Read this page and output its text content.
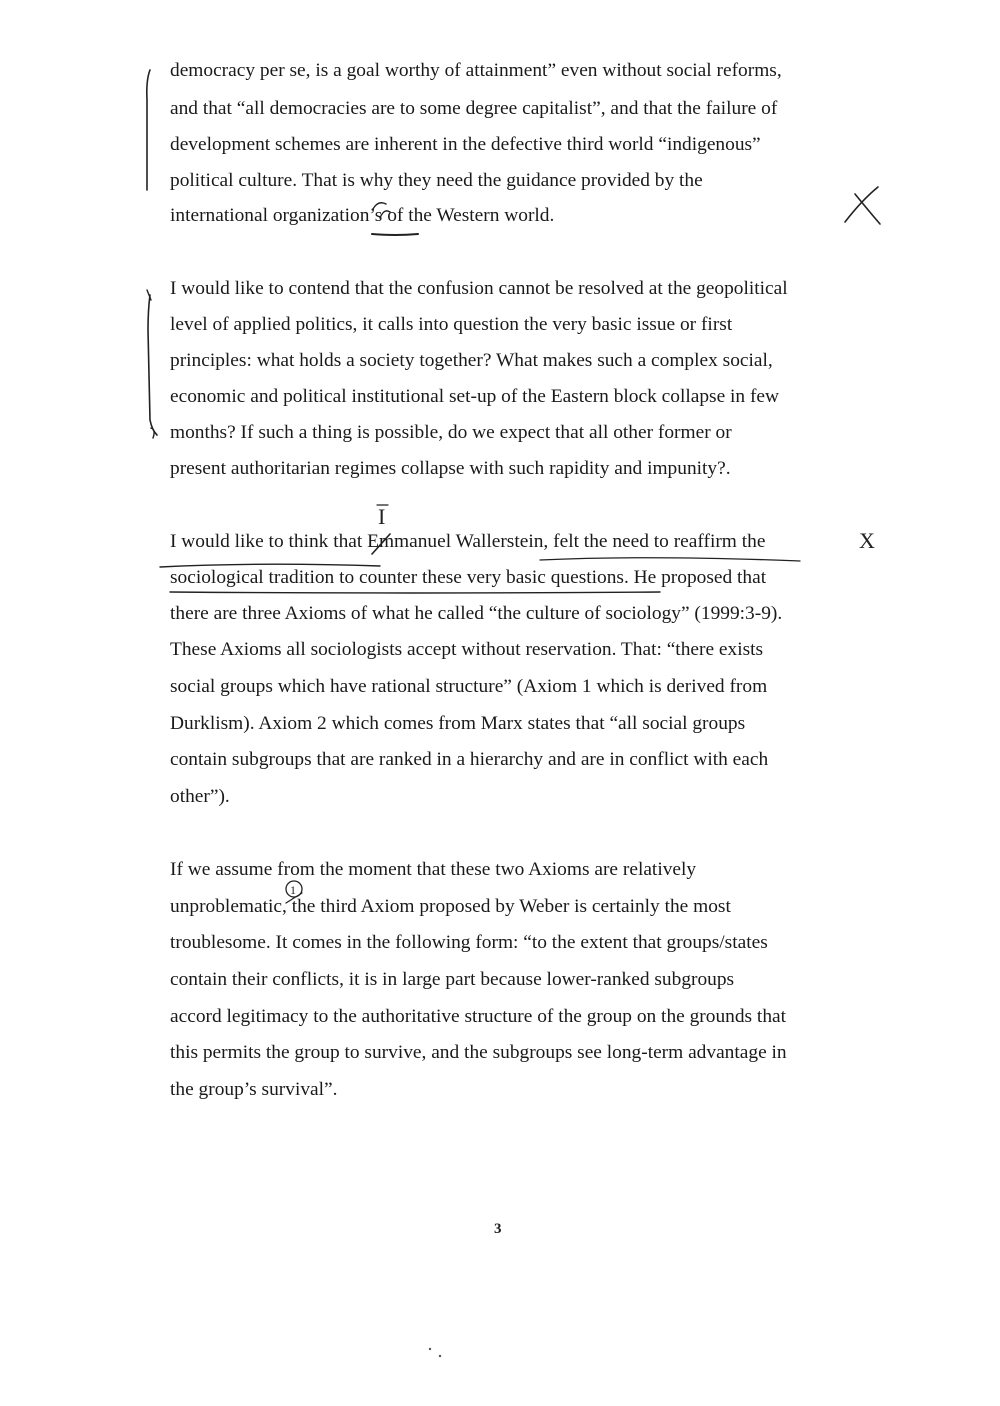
democracy per se, is a goal worthy of attainment” even without social reforms,

and that “all democracies are to some degree capitalist”, and that the failure of

development schemes are inherent in the defective third world “indigenous”

political culture. That is why they need the guidance provided by the

international organization’s of the Western world.

I would like to contend that the confusion cannot be resolved at the geopolitical

level of applied politics, it calls into question the very basic issue or first

principles: what holds a society together? What makes such a complex social,

economic and political institutional set-up of the Eastern block collapse in few

months? If such a thing is possible, do we expect that all other former or

present authoritarian regimes collapse with such rapidity and impunity?.

I would like to think that Emmanuel Wallerstein, felt the need to reaffirm the

sociological tradition to counter these very basic questions. He proposed that

there are three Axioms of what he called “the culture of sociology” (1999:3-9).

These Axioms all sociologists accept without reservation. That: “there exists

social groups which have rational structure” (Axiom 1 which is derived from

Durklism). Axiom 2 which comes from Marx states that “all social groups

contain subgroups that are ranked in a hierarchy and are in conflict with each

other”).

If we assume from the moment that these two Axioms are relatively

unproblematic, the third Axiom proposed by Weber is certainly the most

troublesome. It comes in the following form: “to the extent that groups/states

contain their conflicts, it is in large part because lower-ranked subgroups

accord legitimacy to the authoritative structure of the group on the grounds that

this permits the group to survive, and the subgroups see long-term advantage in

the group’s survival”.

3
I
X
1
